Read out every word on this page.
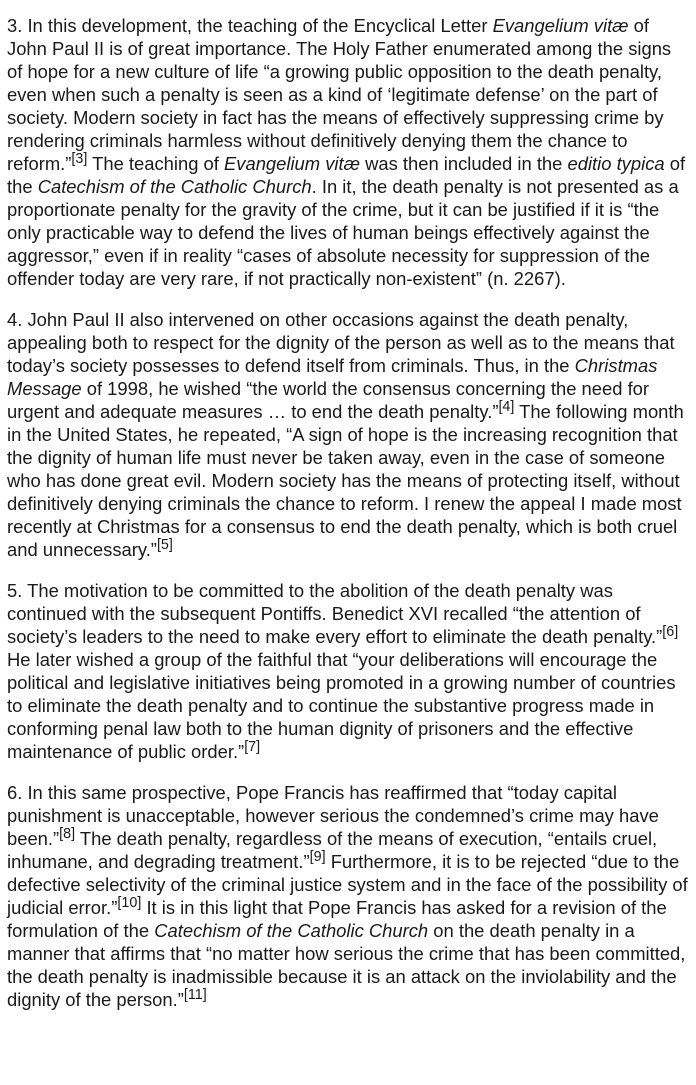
3. In this development, the teaching of the Encyclical Letter Evangelium vitæ of John Paul II is of great importance. The Holy Father enumerated among the signs of hope for a new culture of life “a growing public opposition to the death penalty, even when such a penalty is seen as a kind of ‘legitimate defense’ on the part of society. Modern society in fact has the means of effectively suppressing crime by rendering criminals harmless without definitively denying them the chance to reform.”[3] The teaching of Evangelium vitæ was then included in the editio typica of the Catechism of the Catholic Church. In it, the death penalty is not presented as a proportionate penalty for the gravity of the crime, but it can be justified if it is “the only practicable way to defend the lives of human beings effectively against the aggressor,” even if in reality “cases of absolute necessity for suppression of the offender today are very rare, if not practically non-existent” (n. 2267).

4. John Paul II also intervened on other occasions against the death penalty, appealing both to respect for the dignity of the person as well as to the means that today’s society possesses to defend itself from criminals. Thus, in the Christmas Message of 1998, he wished “the world the consensus concerning the need for urgent and adequate measures … to end the death penalty.”[4] The following month in the United States, he repeated, “A sign of hope is the increasing recognition that the dignity of human life must never be taken away, even in the case of someone who has done great evil. Modern society has the means of protecting itself, without definitively denying criminals the chance to reform. I renew the appeal I made most recently at Christmas for a consensus to end the death penalty, which is both cruel and unnecessary.”[5]

5. The motivation to be committed to the abolition of the death penalty was continued with the subsequent Pontiffs. Benedict XVI recalled “the attention of society’s leaders to the need to make every effort to eliminate the death penalty.”[6] He later wished a group of the faithful that “your deliberations will encourage the political and legislative initiatives being promoted in a growing number of countries to eliminate the death penalty and to continue the substantive progress made in conforming penal law both to the human dignity of prisoners and the effective maintenance of public order.”[7]

6. In this same prospective, Pope Francis has reaffirmed that “today capital punishment is unacceptable, however serious the condemned’s crime may have been.”[8] The death penalty, regardless of the means of execution, “entails cruel, inhumane, and degrading treatment.”[9] Furthermore, it is to be rejected “due to the defective selectivity of the criminal justice system and in the face of the possibility of judicial error.”[10] It is in this light that Pope Francis has asked for a revision of the formulation of the Catechism of the Catholic Church on the death penalty in a manner that affirms that “no matter how serious the crime that has been committed, the death penalty is inadmissible because it is an attack on the inviolability and the dignity of the person.”[11]
